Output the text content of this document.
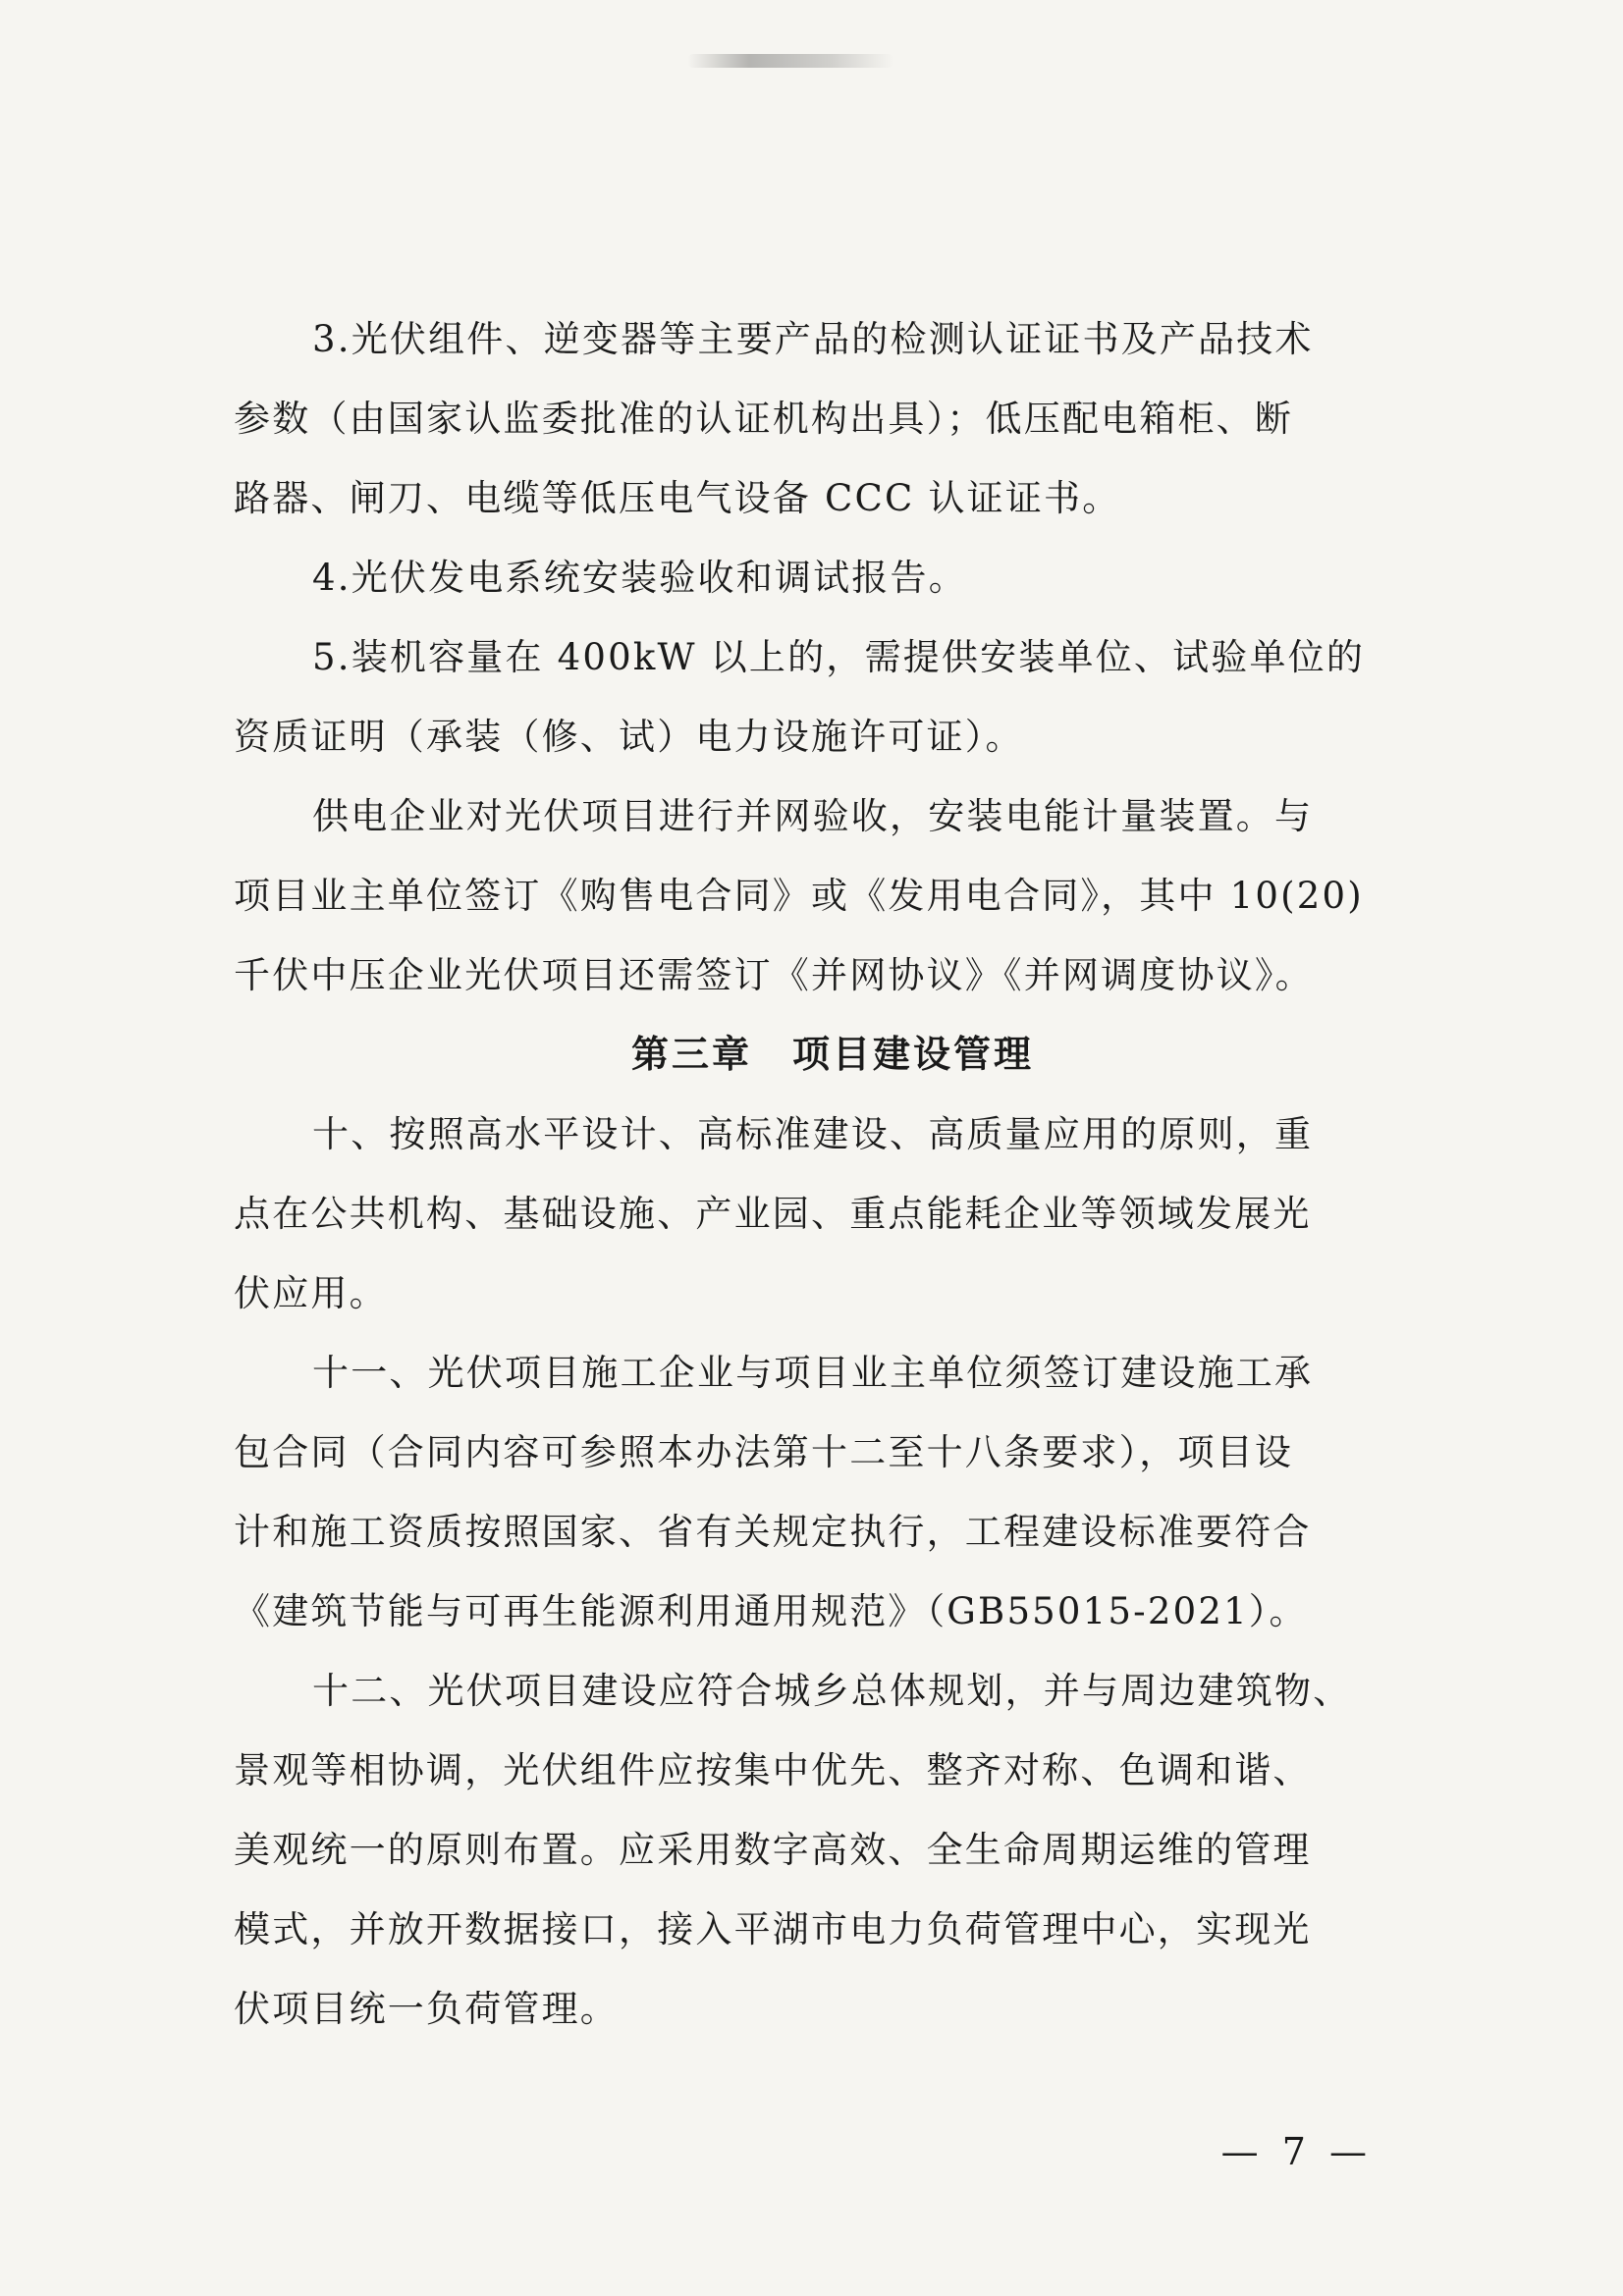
3.光伏组件、逆变器等主要产品的检测认证证书及产品技术
参数（由国家认监委批准的认证机构出具）；低压配电箱柜、断
路器、闸刀、电缆等低压电气设备 CCC 认证证书。
4.光伏发电系统安装验收和调试报告。
5.装机容量在 400kW 以上的，需提供安装单位、试验单位的
资质证明（承装（修、试）电力设施许可证）。
供电企业对光伏项目进行并网验收，安装电能计量装置。与
项目业主单位签订《购售电合同》或《发用电合同》，其中 10(20)
千伏中压企业光伏项目还需签订《并网协议》《并网调度协议》。
第三章　项目建设管理
十、按照高水平设计、高标准建设、高质量应用的原则，重
点在公共机构、基础设施、产业园、重点能耗企业等领域发展光
伏应用。
十一、光伏项目施工企业与项目业主单位须签订建设施工承
包合同（合同内容可参照本办法第十二至十八条要求），项目设
计和施工资质按照国家、省有关规定执行，工程建设标准要符合
《建筑节能与可再生能源利用通用规范》（GB55015-2021）。
十二、光伏项目建设应符合城乡总体规划，并与周边建筑物、
景观等相协调，光伏组件应按集中优先、整齐对称、色调和谐、
美观统一的原则布置。应采用数字高效、全生命周期运维的管理
模式，并放开数据接口，接入平湖市电力负荷管理中心，实现光
伏项目统一负荷管理。
— 7 —
